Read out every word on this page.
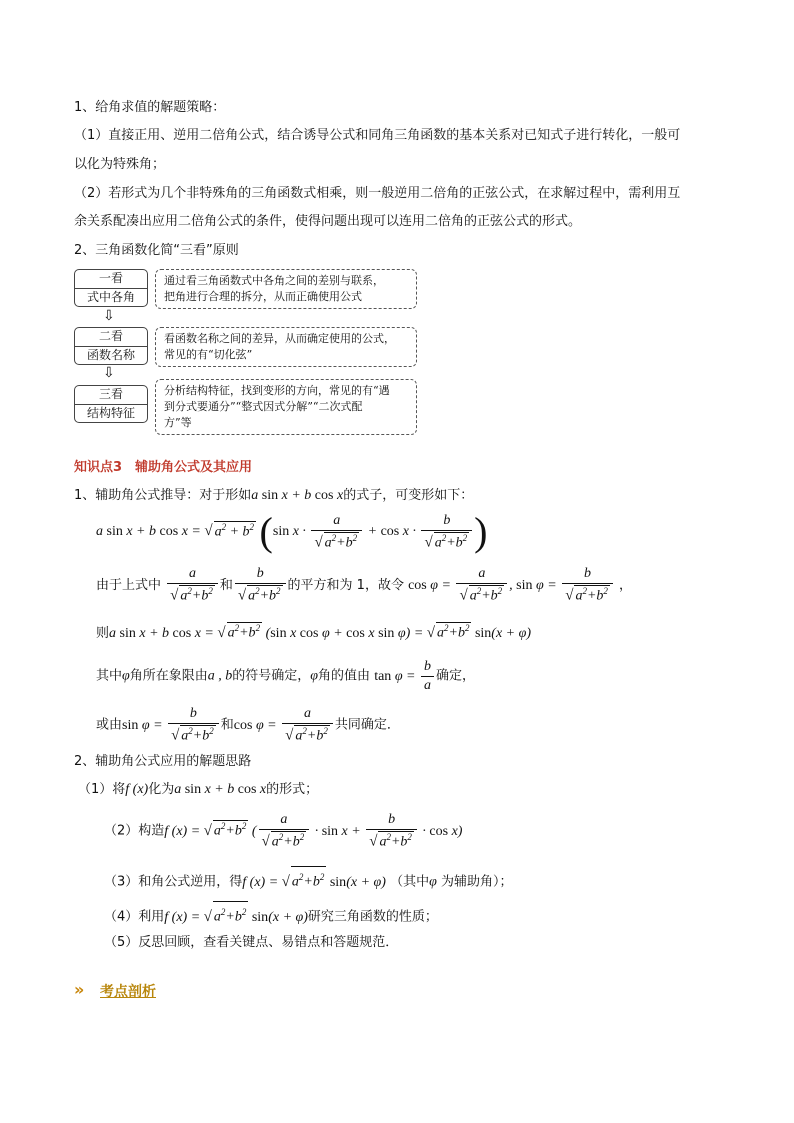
1、给角求值的解题策略：
（1）直接正用、逆用二倍角公式，结合诱导公式和同角三角函数的基本关系对已知式子进行转化，一般可
以化为特殊角；
（2）若形式为几个非特殊角的三角函数式相乘，则一般逆用二倍角的正弦公式，在求解过程中，需利用互
余关系配凑出应用二倍角公式的条件，使得问题出现可以连用二倍角的正弦公式的形式。
2、三角函数化简“三看”原则
一看
式中各角
通过看三角函数式中各角之间的差别与联系，
把角进行合理的拆分，从而正确使用公式
⇩
二看
函数名称
看函数名称之间的差异，从而确定使用的公式，
常见的有“切化弦”
⇩
三看
结构特征
分析结构特征，找到变形的方向，常见的有“遇
到分式要通分”“整式因式分解”“二次式配
方”等
知识点3　辅助角公式及其应用
1、辅助角公式推导：对于形如a sin x + b cos x的式子，可变形如下：
a sin x + b cos x = √ $a^2 + b^2$ (sin $x \cdot \frac{a}{√ a^2+b^2} + \cos x \cdot \frac{b}{√ a^2+b^2}$ )
由于上式中 $\frac{a}{√ a^2+b^2}$ 和 $\frac{b}{√ a^2+b^2}$ 的平方和为 1，故令 $\cos \varphi = \frac{a}{√ a^2+b^2}$ , $\sin \varphi = \frac{b}{√ a^2+b^2}$ ，
则a sin x + b cos x = √ $a^2+b^2$ (sin x cos φ + cos x sin φ) = √ $a^2+b^2$ sin(x + φ)
其中φ角所在象限由a , b的符号确定，φ角的值由 $\tan \varphi = \frac{b}{a}$ 确定，
或由$\sin \varphi = \frac{b}{√ a^2+b^2}$ 和$\cos \varphi = \frac{a}{√ a^2+b^2}$ 共同确定．
2、辅助角公式应用的解题思路
（1）将f (x)化为a sin x + b cos x的形式；
（2）构造f (x) = √ $a^2+b^2$ ( $\frac{a}{√ a^2+b^2} \cdot \sin x + \frac{b}{√ a^2+b^2} \cdot \cos x$)
（3）和角公式逆用，得f (x) = √ $a^2+b^2$ sin(x + φ) （其中φ 为辅助角）；
（4）利用f (x) = √ $a^2+b^2$ sin(x + φ)研究三角函数的性质；
（5）反思回顾，查看关键点、易错点和答题规范．
» 考点剖析
